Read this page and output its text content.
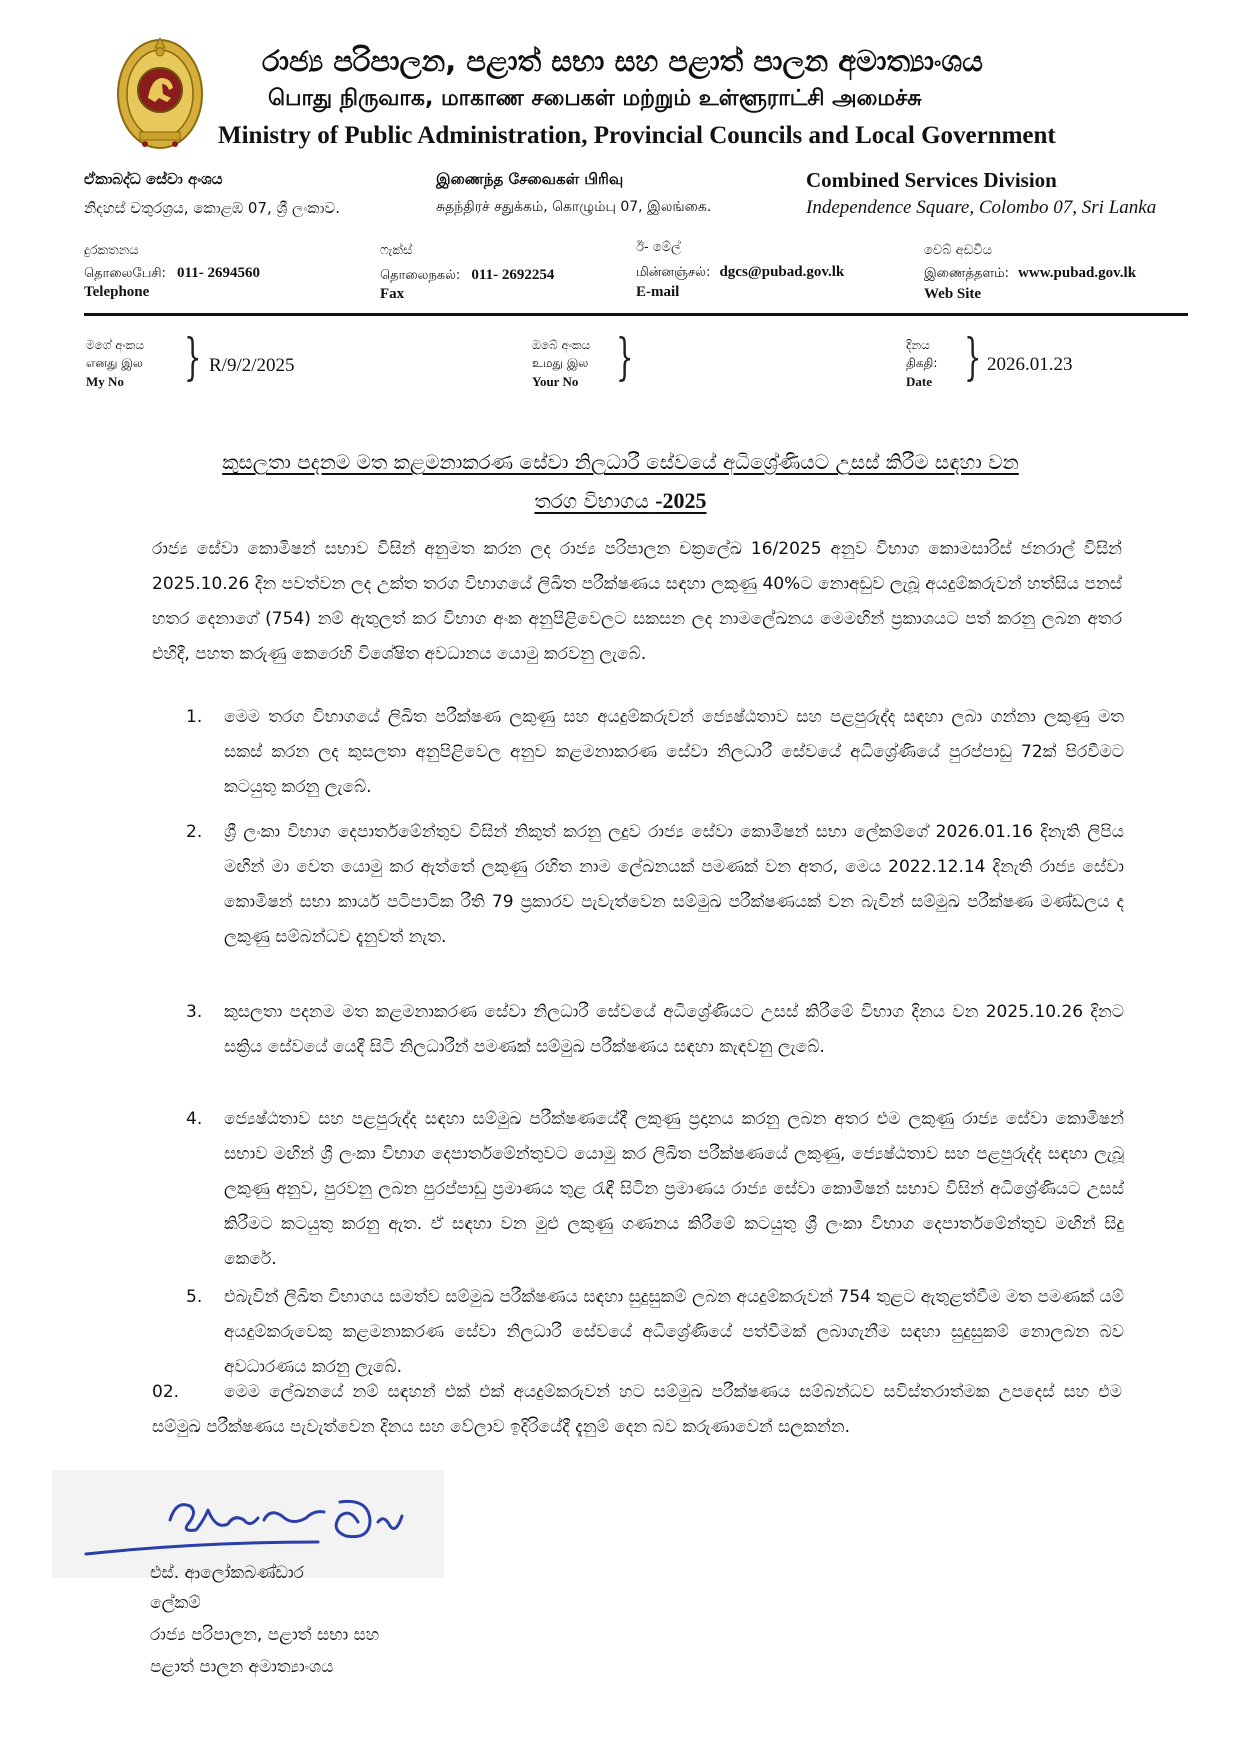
රාජ්‍ය පරිපාලන, පළාත් සභා සහ පළාත් පාලන අමාත්‍යාංශය
பொது நிருவாக, மாகாண சபைகள் மற்றும் உள்ளூராட்சி அமைச்சு
Ministry of Public Administration, Provincial Councils and Local Government
ඒකාබද්ධ සේවා අංශය
නිදහස් චතුරශ්‍රය, කොළඹ 07, ශ්‍රී ලංකාව.
இணைந்த சேவைகள் பிரிவு
சுதந்திரச் சதுக்கம், கொழும்பு 07, இலங்கை.
Combined Services Division
Independence Square, Colombo 07, Sri Lanka
දුරකතනය
தொலைபேசி: 011- 2694560
Telephone
ෆැක්ස්
தொலைநகல்: 011- 2692254
Fax
ඊ- මේල්
மின்னஞ்சல்: dgcs@pubad.gov.lk
E-mail
වෙබ් අඩවිය
இணைத்தளம்: www.pubad.gov.lk
Web Site
මගේ අංකය
எனது இல
My No } R/9/2/2025
ඔබේ අංකය
உமது இல
Your No }	දිනය
திகதி:
Date } 2026.01.23
කුසලතා පදනම මත කළමනාකරණ සේවා නිලධාරී සේවයේ අධිශ්‍රේණියට උසස් කිරීම සඳහා වන
තරග විභාගය -2025
රාජ්‍ය සේවා කොමිෂන් සභාව විසින් අනුමත කරන ලද රාජ්‍ය පරිපාලන චක්‍රලේඛ 16/2025 අනුව විභාග කොමසාරිස් ජනරාල් විසින් 2025.10.26 දින පවත්වන ලද උක්ත තරග විභාගයේ ලිඛිත පරීක්ෂණය සඳහා ලකුණු 40%ට නොඅඩුව ලැබූ අයදුම්කරුවන් හත්සිය පනස් හතර දෙනාගේ (754) නම් ඇතුලත් කර විභාග අංක අනුපිළිවෙලට සකසන ලද නාමලේඛනය මෙමඟින් ප්‍රකාශයට පත් කරනු ලබන අතර එහිදී, පහත කරුණු කෙරෙහි විශේෂිත අවධානය යොමු කරවනු ලැබේ.
1. මෙම තරග විභාගයේ ලිඛිත පරීක්ෂණ ලකුණු සහ අයදුම්කරුවන් ජ්‍යෙෂ්ඨතාව සහ පළපුරුද්ද සඳහා ලබා ගන්නා ලකුණු මත සකස් කරන ලද කුසලතා අනුපිළිවෙල අනුව කළමනාකරණ සේවා නිලධාරී සේවයේ අධිශ්‍රේණියේ පුරප්පාඩු 72ක් පිරවීමට කටයුතු කරනු ලැබේ.
2. ශ්‍රී ලංකා විභාග දෙපාර්තමේන්තුව විසින් නිකුත් කරනු ලදුව රාජ්‍ය සේවා කොමිෂන් සභා ලේකම්ගේ 2026.01.16 දිනැති ලිපිය මඟින් මා වෙත යොමු කර ඇත්තේ ලකුණු රහිත නාම ලේඛනයක් පමණක් වන අතර, මෙය 2022.12.14 දිනැති රාජ්‍ය සේවා කොමිෂන් සභා කාර්ය පටිපාටික රීති 79 ප්‍රකාරව පැවැත්වෙන සම්මුඛ පරීක්ෂණයක් වන බැවින් සම්මුඛ පරීක්ෂණ මණ්ඩලය ද ලකුණු සම්බන්ධව දැනුවත් නැත.
3. කුසලතා පදනම මත කළමනාකරණ සේවා නිලධාරී සේවයේ අධිශ්‍රේණියට උසස් කිරීමේ විභාග දිනය වන 2025.10.26 දිනට සක්‍රිය සේවයේ යෙදී සිටි නිලධාරීන් පමණක් සම්මුඛ පරීක්ෂණය සඳහා කැඳවනු ලැබේ.
4. ජ්‍යෙෂ්ඨතාව සහ පළපුරුද්ද සඳහා සම්මුඛ පරීක්ෂණයේදී ලකුණු ප්‍රදානය කරනු ලබන අතර එම ලකුණු රාජ්‍ය සේවා කොමිෂන් සභාව මඟින් ශ්‍රී ලංකා විභාග දෙපාර්තමේන්තුවට යොමු කර ලිඛිත පරීක්ෂණයේ ලකුණු, ජ්‍යෙෂ්ඨතාව සහ පළපුරුද්ද සඳහා ලැබූ ලකුණු අනුව, පුරවනු ලබන පුරප්පාඩු ප්‍රමාණය තුළ රැඳී සිටින ප්‍රමාණය රාජ්‍ය සේවා කොමිෂන් සභාව විසින් අධිශ්‍රේණියට උසස් කිරීමට කටයුතු කරනු ඇත. ඒ සඳහා වන මුළු ලකුණු ගණනය කිරීමේ කටයුතු ශ්‍රී ලංකා විභාග දෙපාර්තමේන්තුව මඟින් සිදු කෙරේ.
5. එබැවින් ලිඛිත විභාගය සමත්ව සම්මුඛ පරීක්ෂණය සඳහා සුදුසුකම් ලබන අයදුම්කරුවන් 754 තුළට ඇතුළත්වීම මත පමණක් යම් අයදුම්කරුවෙකු කළමනාකරණ සේවා නිලධාරී සේවයේ අධිශ්‍රේණියේ පත්වීමක් ලබාගැනීම සඳහා සුදුසුකම් නොලබන බව අවධාරණය කරනු ලැබේ.
02.	මෙම ලේඛනයේ නම් සඳහන් එක් එක් අයදුම්කරුවන් හට සම්මුඛ පරීක්ෂණය සම්බන්ධව සවිස්තරාත්මක උපදෙස් සහ එම සම්මුඛ පරීක්ෂණය පැවැත්වෙන දිනය සහ වේලාව ඉදිරියේදී දැනුම් දෙන බව කරුණාවෙන් සලකන්න.
එස්. ආලෝකබණ්ඩාර
ලේකම්
රාජ්‍ය පරිපාලන, පළාත් සභා සහ
පළාත් පාලන අමාත්‍යාංශය
